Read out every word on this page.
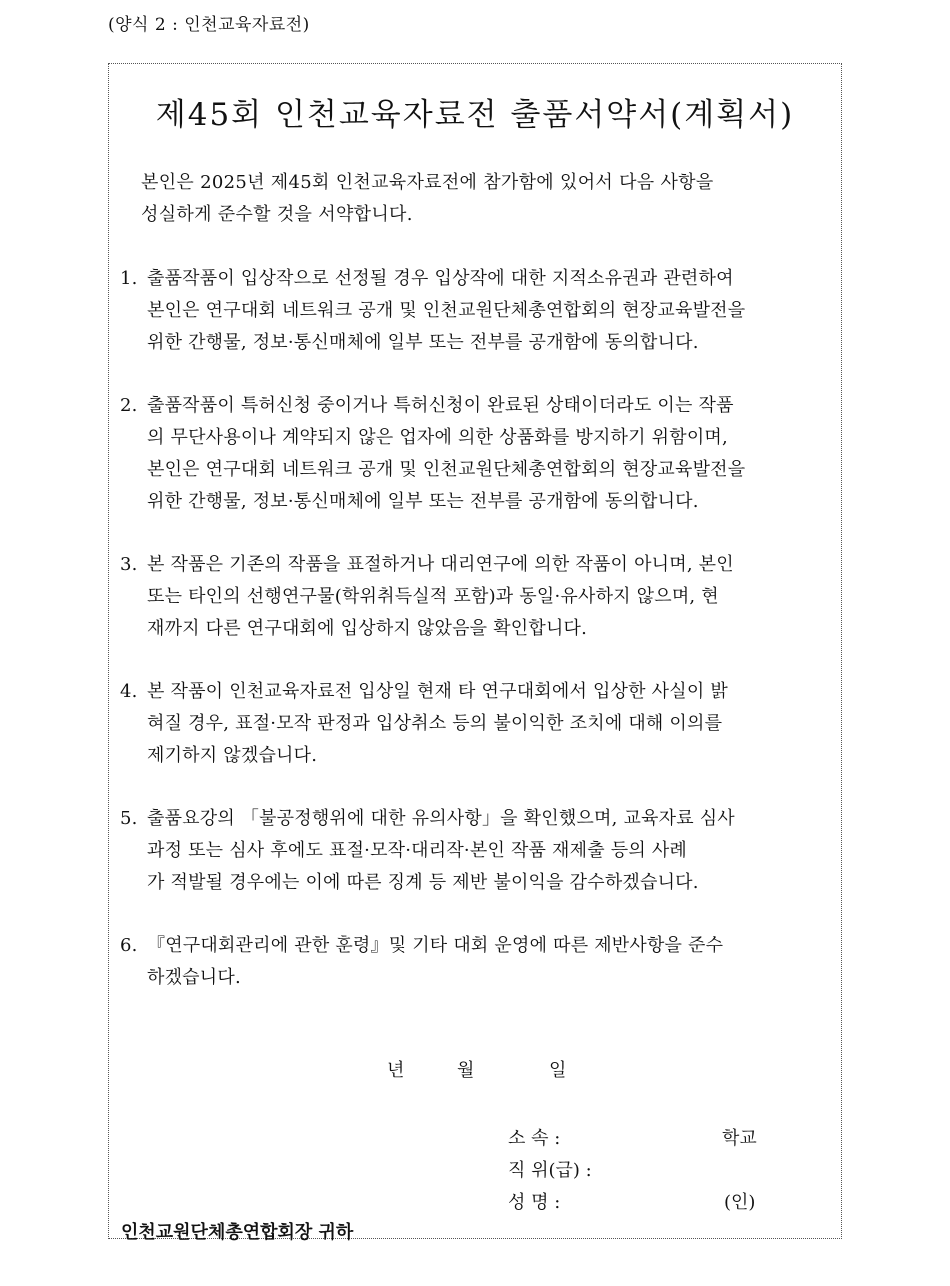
(양식 2 : 인천교육자료전)
제45회 인천교육자료전 출품서약서(계획서)
본인은 2025년 제45회 인천교육자료전에 참가함에 있어서 다음 사항을
성실하게 준수할 것을 서약합니다.
1. 출품작품이 입상작으로 선정될 경우 입상작에 대한 지적소유권과 관련하여
본인은 연구대회 네트워크 공개 및 인천교원단체총연합회의 현장교육발전을
위한 간행물, 정보·통신매체에 일부 또는 전부를 공개함에 동의합니다.
2. 출품작품이 특허신청 중이거나 특허신청이 완료된 상태이더라도 이는 작품
의 무단사용이나 계약되지 않은 업자에 의한 상품화를 방지하기 위함이며,
본인은 연구대회 네트워크 공개 및 인천교원단체총연합회의 현장교육발전을
위한 간행물, 정보·통신매체에 일부 또는 전부를 공개함에 동의합니다.
3. 본 작품은 기존의 작품을 표절하거나 대리연구에 의한 작품이 아니며, 본인
또는 타인의 선행연구물(학위취득실적 포함)과 동일·유사하지 않으며, 현
재까지 다른 연구대회에 입상하지 않았음을 확인합니다.
4. 본 작품이 인천교육자료전 입상일 현재 타 연구대회에서 입상한 사실이 밝
혀질 경우, 표절·모작 판정과 입상취소 등의 불이익한 조치에 대해 이의를
제기하지 않겠습니다.
5. 출품요강의 「불공정행위에 대한 유의사항」을 확인했으며, 교육자료 심사
과정 또는 심사 후에도 표절·모작·대리작·본인 작품 재제출 등의 사례
가 적발될 경우에는 이에 따른 징계 등 제반 불이익을 감수하겠습니다.
6. 『연구대회관리에 관한 훈령』및 기타 대회 운영에 따른 제반사항을 준수
하겠습니다.
년	월	일
소 속 :	학교
직 위(급) :
성 명 :	(인)
인천교원단체총연합회장 귀하
